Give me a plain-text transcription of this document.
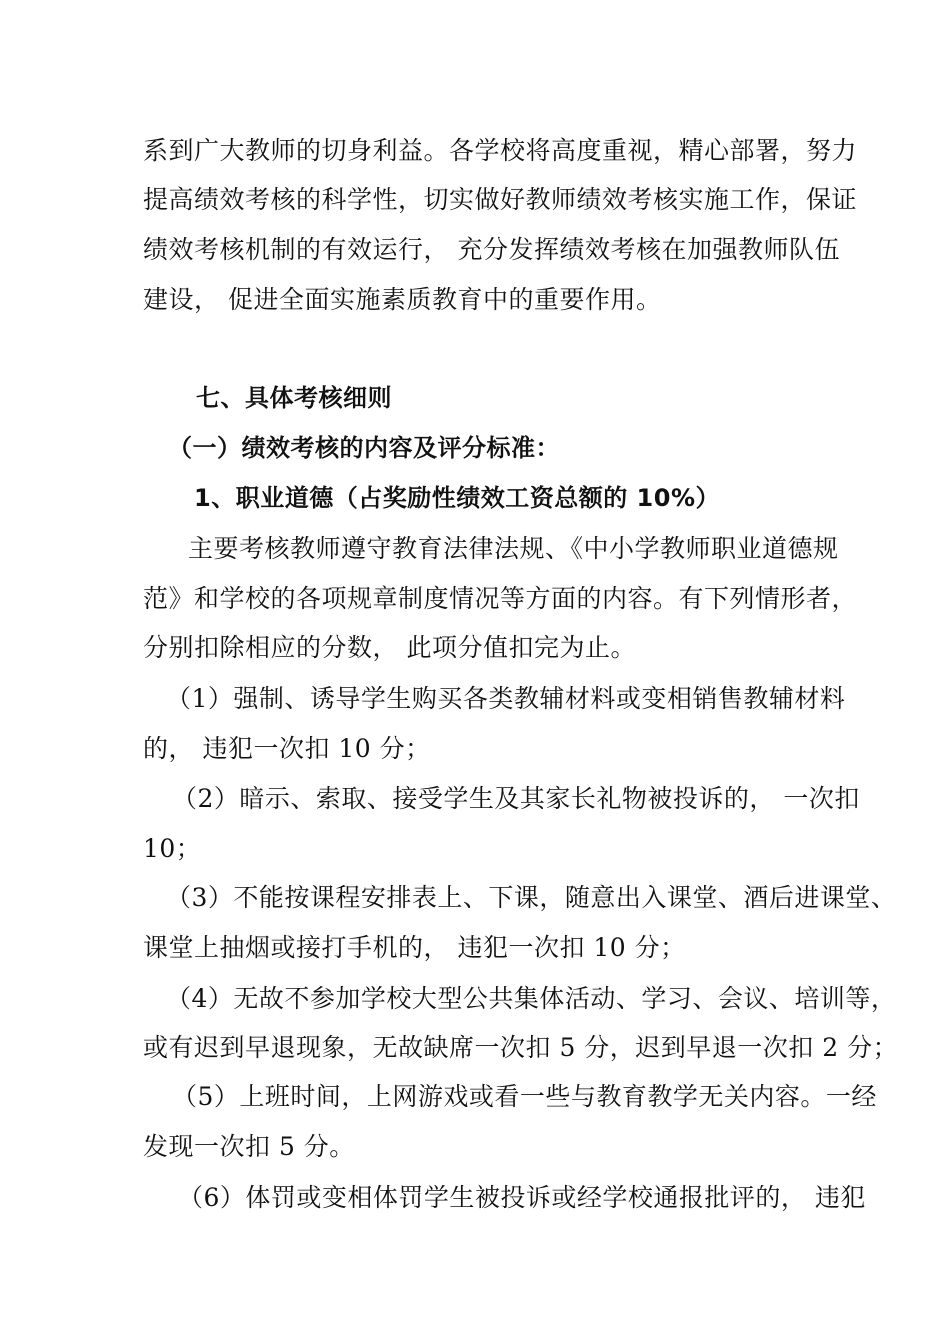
系到广大教师的切身利益。各学校将高度重视，精心部署，努力
提高绩效考核的科学性，切实做好教师绩效考核实施工作，保证
绩效考核机制的有效运行， 充分发挥绩效考核在加强教师队伍
建设， 促进全面实施素质教育中的重要作用。
七、具体考核细则
（一）绩效考核的内容及评分标准：
1、职业道德（占奖励性绩效工资总额的 10%）
主要考核教师遵守教育法律法规、《中小学教师职业道德规
范》和学校的各项规章制度情况等方面的内容。有下列情形者，
分别扣除相应的分数， 此项分值扣完为止。
（1）强制、诱导学生购买各类教辅材料或变相销售教辅材料
的， 违犯一次扣 10 分；
（2）暗示、索取、接受学生及其家长礼物被投诉的， 一次扣
10；
（3）不能按课程安排表上、下课，随意出入课堂、酒后进课堂、
课堂上抽烟或接打手机的， 违犯一次扣 10 分；
（4）无故不参加学校大型公共集体活动、学习、会议、培训等，
或有迟到早退现象，无故缺席一次扣 5 分，迟到早退一次扣 2 分；
（5）上班时间，上网游戏或看一些与教育教学无关内容。一经
发现一次扣 5 分。
（6）体罚或变相体罚学生被投诉或经学校通报批评的， 违犯
